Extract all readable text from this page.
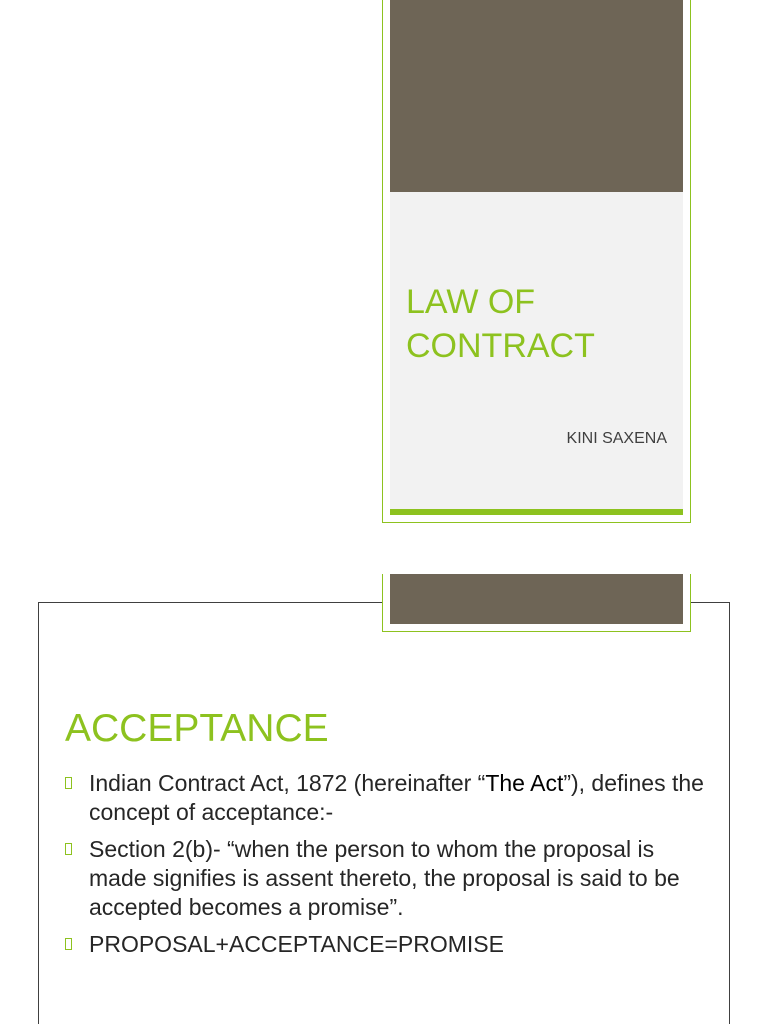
LAW OF
CONTRACT
KINI SAXENA
ACCEPTANCE
Indian Contract Act, 1872 (hereinafter “The Act”), defines the concept of acceptance:-
Section 2(b)- “when the person to whom the proposal is made signifies is assent thereto, the proposal is said to be accepted becomes a promise”.
PROPOSAL+ACCEPTANCE=PROMISE
